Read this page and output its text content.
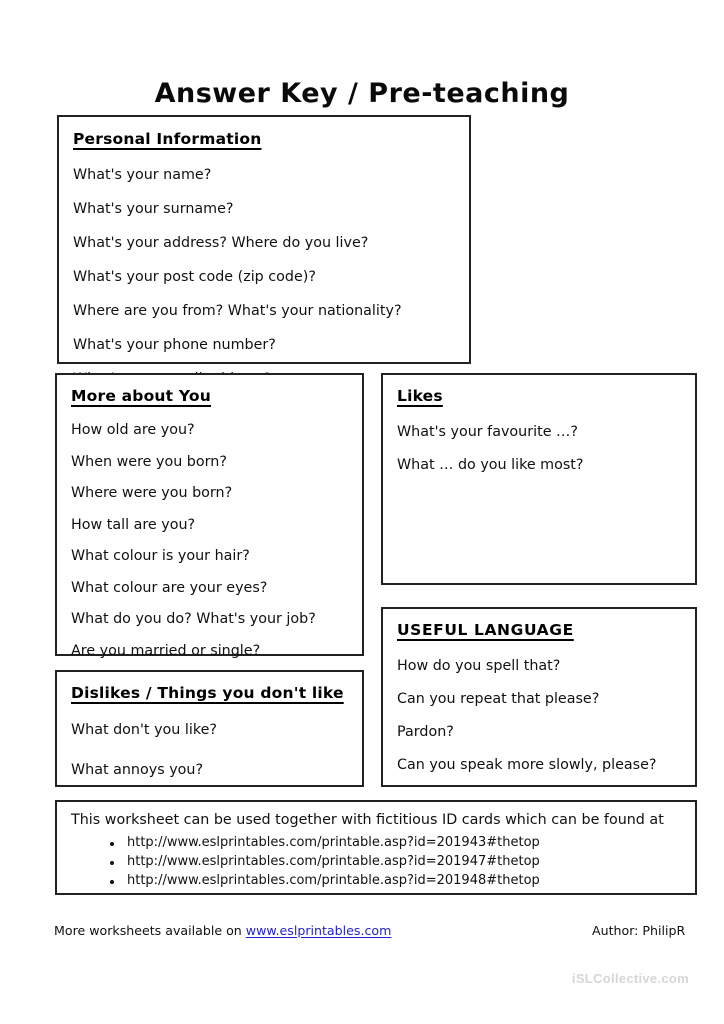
Answer Key / Pre-teaching
Personal Information
What's your name?
What's your surname?
What's your address? Where do you live?
What's your post code (zip code)?
Where are you from? What's your nationality?
What's your phone number?
More about You
How old are you?
When were you born?
Where were you born?
How tall are you?
What colour is your hair?
What colour are your eyes?
What do you do? What's your job?
Are you married or single?
Likes
What's your favourite …?
What … do you like most?
Dislikes / Things you don't like
What don't you like?
What annoys you?
USEFUL LANGUAGE
How do you spell that?
Can you repeat that please?
Pardon?
Can you speak more slowly, please?
This worksheet can be used together with fictitious ID cards which can be found at
http://www.eslprintables.com/printable.asp?id=201943#thetop
http://www.eslprintables.com/printable.asp?id=201947#thetop
http://www.eslprintables.com/printable.asp?id=201948#thetop
More worksheets available on www.eslprintables.com	Author: PhilipR
iSLCollective.com
